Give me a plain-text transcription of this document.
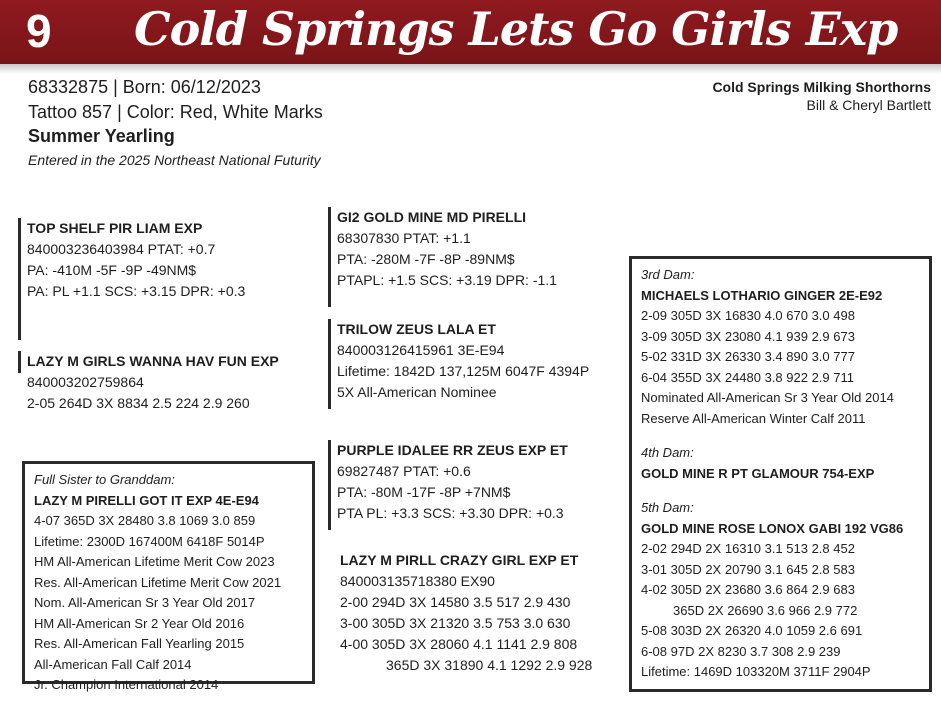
9 Cold Springs Lets Go Girls Exp
68332875 | Born: 06/12/2023
Tattoo 857 | Color: Red, White Marks
Summer Yearling
Entered in the 2025 Northeast National Futurity
Cold Springs Milking Shorthorns
Bill & Cheryl Bartlett
TOP SHELF PIR LIAM EXP
840003236403984 PTAT: +0.7
PA: -410M -5F -9P -49NM$
PA: PL +1.1 SCS: +3.15 DPR: +0.3
GI2 GOLD MINE MD PIRELLI
68307830 PTAT: +1.1
PTA: -280M -7F -8P -89NM$
PTAPL: +1.5 SCS: +3.19 DPR: -1.1
TRILOW ZEUS LALA ET
840003126415961 3E-E94
Lifetime: 1842D 137,125M 6047F 4394P
5X All-American Nominee
LAZY M GIRLS WANNA HAV FUN EXP
840003202759864
2-05 264D 3X 8834 2.5 224 2.9 260
PURPLE IDALEE RR ZEUS EXP ET
69827487 PTAT: +0.6
PTA: -80M -17F -8P +7NM$
PTA PL: +3.3 SCS: +3.30 DPR: +0.3
LAZY M PIRLL CRAZY GIRL EXP ET
840003135718380 EX90
2-00 294D 3X 14580 3.5 517 2.9 430
3-00 305D 3X 21320 3.5 753 3.0 630
4-00 305D 3X 28060 4.1 1141 2.9 808
365D 3X 31890 4.1 1292 2.9 928
Full Sister to Granddam:
LAZY M PIRELLI GOT IT EXP 4E-E94
4-07 365D 3X 28480 3.8 1069 3.0 859
Lifetime: 2300D 167400M 6418F 5014P
HM All-American Lifetime Merit Cow 2023
Res. All-American Lifetime Merit Cow 2021
Nom. All-American Sr 3 Year Old 2017
HM All-American Sr 2 Year Old 2016
Res. All-American Fall Yearling 2015
All-American Fall Calf 2014
Jr. Champion International 2014
3rd Dam:
MICHAELS LOTHARIO GINGER 2E-E92
2-09 305D 3X 16830 4.0 670 3.0 498
3-09 305D 3X 23080 4.1 939 2.9 673
5-02 331D 3X 26330 3.4 890 3.0 777
6-04 355D 3X 24480 3.8 922 2.9 711
Nominated All-American Sr 3 Year Old 2014
Reserve All-American Winter Calf 2011
4th Dam:
GOLD MINE R PT GLAMOUR 754-EXP
5th Dam:
GOLD MINE ROSE LONOX GABI 192 VG86
2-02 294D 2X 16310 3.1 513 2.8 452
3-01 305D 2X 20790 3.1 645 2.8 583
4-02 305D 2X 23680 3.6 864 2.9 683
365D 2X 26690 3.6 966 2.9 772
5-08 303D 2X 26320 4.0 1059 2.6 691
6-08 97D 2X 8230 3.7 308 2.9 239
Lifetime: 1469D 103320M 3711F 2904P
